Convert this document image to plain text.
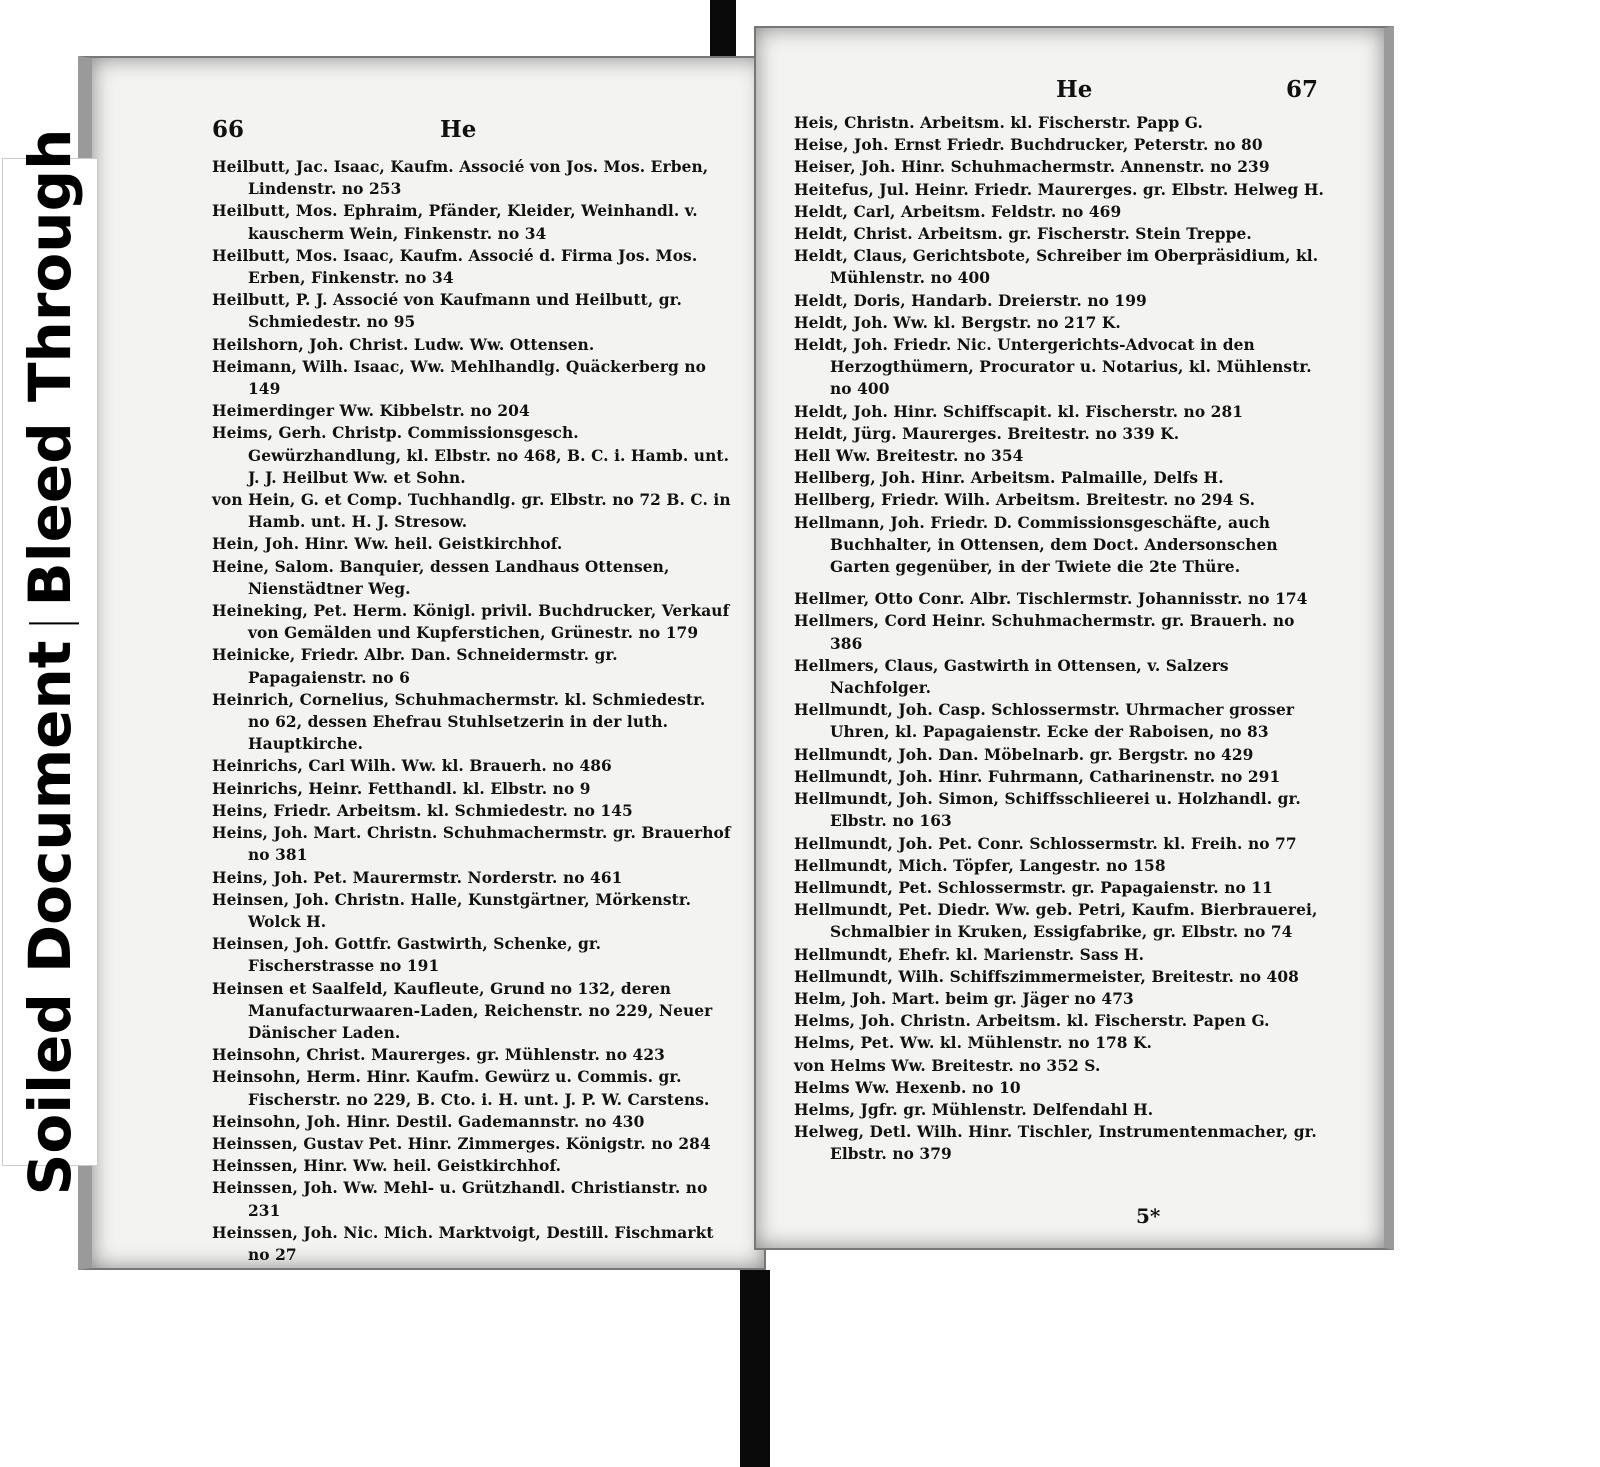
66	He
Heilbutt, Jac. Isaac, Kaufm. Associé von Jos. Mos. Erben, Lindenstr. no 253
Heilbutt, Mos. Ephraim, Pfänder, Kleider, Weinhandl. v. kauscherm Wein, Finkenstr. no 34
Heilbutt, Mos. Isaac, Kaufm. Associé d. Firma Jos. Mos. Erben, Finkenstr. no 34
Heilbutt, P. J. Associé von Kaufmann und Heilbutt, gr. Schmiedestr. no 95
Heilshorn, Joh. Christ. Ludw. Ww. Ottensen.
Heimann, Wilh. Isaac, Ww. Mehlhandlg. Quäckerberg no 149
Heimerdinger Ww. Kibbelstr. no 204
Heims, Gerh. Christp. Commissionsgesch. Gewürzhandlung, kl. Elbstr. no 468, B. C. i. Hamb. unt. J. J. Heilbut Ww. et Sohn.
von Hein, G. et Comp. Tuchhandlg. gr. Elbstr. no 72 B. C. in Hamb. unt. H. J. Stresow.
Hein, Joh. Hinr. Ww. heil. Geistkirchhof.
Heine, Salom. Banquier, dessen Landhaus Ottensen, Nienstädtner Weg.
Heineking, Pet. Herm. Königl. privil. Buchdrucker, Verkauf von Gemälden und Kupferstichen, Grünestr. no 179
Heinicke, Friedr. Albr. Dan. Schneidermstr. gr. Papagaienstr. no 6
Heinrich, Cornelius, Schuhmachermstr. kl. Schmiedestr. no 62, dessen Ehefrau Stuhlsetzerin in der luth. Hauptkirche.
Heinrichs, Carl Wilh. Ww. kl. Brauerh. no 486
Heinrichs, Heinr. Fetthandl. kl. Elbstr. no 9
Heins, Friedr. Arbeitsm. kl. Schmiedestr. no 145
Heins, Joh. Mart. Christn. Schuhmachermstr. gr. Brauerhof no 381
Heins, Joh. Pet. Maurermstr. Norderstr. no 461
Heinsen, Joh. Christn. Halle, Kunstgärtner, Mörkenstr. Wolck H.
Heinsen, Joh. Gottfr. Gastwirth, Schenke, gr. Fischerstrasse no 191
Heinsen et Saalfeld, Kaufleute, Grund no 132, deren Manufacturwaaren-Laden, Reichenstr. no 229, Neuer Dänischer Laden.
Heinsohn, Christ. Maurerges. gr. Mühlenstr. no 423
Heinsohn, Herm. Hinr. Kaufm. Gewürz u. Commis. gr. Fischerstr. no 229, B. Cto. i. H. unt. J. P. W. Carstens.
Heinsohn, Joh. Hinr. Destil. Gademannstr. no 430
Heinssen, Gustav Pet. Hinr. Zimmerges. Königstr. no 284
Heinssen, Hinr. Ww. heil. Geistkirchhof.
Heinssen, Joh. Ww. Mehl- u. Grützhandl. Christianstr. no 231
Heinssen, Joh. Nic. Mich. Marktvoigt, Destill. Fischmarkt no 27
He	67
Heis, Christn. Arbeitsm. kl. Fischerstr. Papp G.
Heise, Joh. Ernst Friedr. Buchdrucker, Peterstr. no 80
Heiser, Joh. Hinr. Schuhmachermstr. Annenstr. no 239
Heitefus, Jul. Heinr. Friedr. Maurerges. gr. Elbstr. Helweg H.
Heldt, Carl, Arbeitsm. Feldstr. no 469
Heldt, Christ. Arbeitsm. gr. Fischerstr. Stein Treppe.
Heldt, Claus, Gerichtsbote, Schreiber im Oberpräsidium, kl. Mühlenstr. no 400
Heldt, Doris, Handarb. Dreierstr. no 199
Heldt, Joh. Ww. kl. Bergstr. no 217 K.
Heldt, Joh. Friedr. Nic. Untergerichts-Advocat in den Herzogthümern, Procurator u. Notarius, kl. Mühlenstr. no 400
Heldt, Joh. Hinr. Schiffscapit. kl. Fischerstr. no 281
Heldt, Jürg. Maurerges. Breitestr. no 339 K.
Hell Ww. Breitestr. no 354
Hellberg, Joh. Hinr. Arbeitsm. Palmaille, Delfs H.
Hellberg, Friedr. Wilh. Arbeitsm. Breitestr. no 294 S.
Hellmann, Joh. Friedr. D. Commissionsgeschäfte, auch Buchhalter, in Ottensen, dem Doct. Andersonschen Garten gegenüber, in der Twiete die 2te Thüre.
Hellmer, Otto Conr. Albr. Tischlermstr. Johannisstr. no 174
Hellmers, Cord Heinr. Schuhmachermstr. gr. Brauerh. no 386
Hellmers, Claus, Gastwirth in Ottensen, v. Salzers Nachfolger.
Hellmundt, Joh. Casp. Schlossermstr. Uhrmacher grosser Uhren, kl. Papagaienstr. Ecke der Raboisen, no 83
Hellmundt, Joh. Dan. Möbelnarb. gr. Bergstr. no 429
Hellmundt, Joh. Hinr. Fuhrmann, Catharinenstr. no 291
Hellmundt, Joh. Simon, Schiffsschlieerei u. Holzhandl. gr. Elbstr. no 163
Hellmundt, Joh. Pet. Conr. Schlossermstr. kl. Freih. no 77
Hellmundt, Mich. Töpfer, Langestr. no 158
Hellmundt, Pet. Schlossermstr. gr. Papagaienstr. no 11
Hellmundt, Pet. Diedr. Ww. geb. Petri, Kaufm. Bierbrauerei, Schmalbier in Kruken, Essigfabrike, gr. Elbstr. no 74
Hellmundt, Ehefr. kl. Marienstr. Sass H.
Hellmundt, Wilh. Schiffszimmermeister, Breitestr. no 408
Helm, Joh. Mart. beim gr. Jäger no 473
Helms, Joh. Christn. Arbeitsm. kl. Fischerstr. Papen G.
Helms, Pet. Ww. kl. Mühlenstr. no 178 K.
von Helms Ww. Breitestr. no 352 S.
Helms Ww. Hexenb. no 10
Helms, Jgfr. gr. Mühlenstr. Delfendahl H.
Helweg, Detl. Wilh. Hinr. Tischler, Instrumentenmacher, gr. Elbstr. no 379
5*
Soiled DocumentBleed Through
